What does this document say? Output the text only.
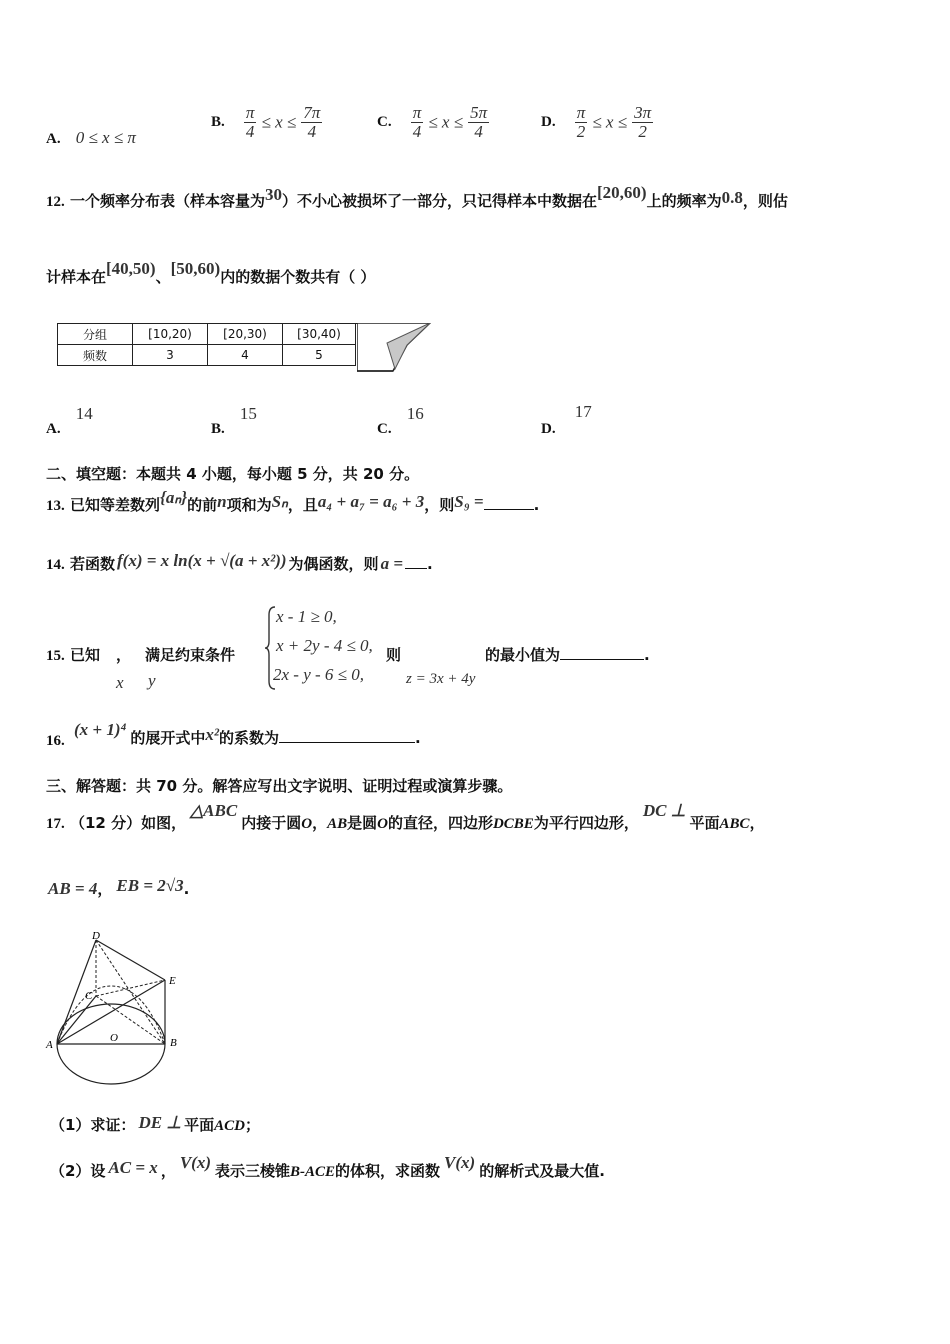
A. 0 ≤ x ≤ π
B. $\frac{\pi}{4} \le x \le \frac{7\pi}{4}$	C. $\frac{\pi}{4} \le x \le \frac{5\pi}{4}$	D. $\frac{\pi}{2} \le x \le \frac{3\pi}{2}$
12. 一个频率分布表（样本容量为30）不小心被损坏了一部分，只记得样本中数据在[20,60)上的频率为0.8，则估
计样本在[40,50)、[50,60)内的数据个数共有（ ）
分组	[10,20)	[20,30)	[30,40)	
频数	3	4	5	
A. 14
B. 15
C. 16
D. 17
二、填空题：本题共 4 小题，每小题 5 分，共 20 分。
13. 已知等差数列{aₙ}的前n项和为Sₙ，且a₄ + a₇ = a₆ + 3，则S₉ =	.
14. 若函数 f(x) = x ln(x + √(a + x²)) 为偶函数，则 a = .
15. 已知 ， 满足约束条件
x y
x - 1 ≥ 0,
x + 2y - 4 ≤ 0,
2x - y - 6 ≤ 0,
则
z = 3x + 4y
的最小值为	.
16. (x + 1)⁴ 的展开式中x²的系数为	.
三、解答题：共 70 分。解答应写出文字说明、证明过程或演算步骤。
17. （12 分）如图，△ABC内接于圆O，AB是圆O的直径，四边形DCBE为平行四边形，DC ⊥平面ABC，
AB = 4， EB = 2√3.
D
E
C
O
A	B
（1）求证： DE ⊥ 平面ACD；
（2）设 AC = x ， V(x) 表示三棱锥B-ACE的体积，求函数 V(x) 的解析式及最大值.
